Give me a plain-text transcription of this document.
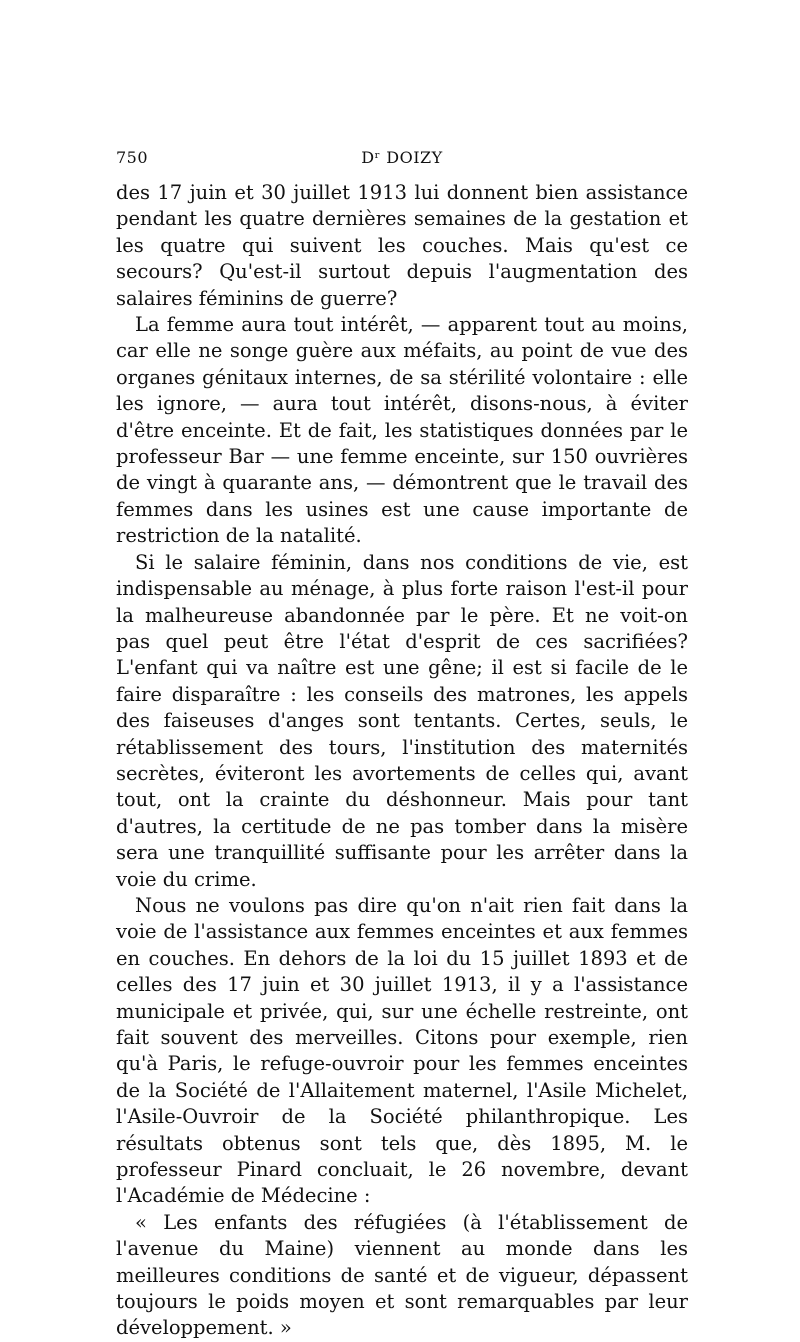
750	Dʳ DOIZY

des 17 juin et 30 juillet 1913 lui donnent bien assistance pendant les quatre dernières semaines de la gestation et les quatre qui suivent les couches. Mais qu'est ce secours? Qu'est-il surtout depuis l'augmentation des salaires féminins de guerre?

La femme aura tout intérêt, — apparent tout au moins, car elle ne songe guère aux méfaits, au point de vue des organes génitaux internes, de sa stérilité volontaire : elle les ignore, — aura tout intérêt, disons-nous, à éviter d'être enceinte. Et de fait, les statistiques données par le professeur Bar — une femme enceinte, sur 150 ouvrières de vingt à quarante ans, — démontrent que le travail des femmes dans les usines est une cause importante de restriction de la natalité.

Si le salaire féminin, dans nos conditions de vie, est indispensable au ménage, à plus forte raison l'est-il pour la malheureuse abandonnée par le père. Et ne voit-on pas quel peut être l'état d'esprit de ces sacrifiées? L'enfant qui va naître est une gêne; il est si facile de le faire disparaître : les conseils des matrones, les appels des faiseuses d'anges sont tentants. Certes, seuls, le rétablissement des tours, l'institution des maternités secrètes, éviteront les avortements de celles qui, avant tout, ont la crainte du déshonneur. Mais pour tant d'autres, la certitude de ne pas tomber dans la misère sera une tranquillité suffisante pour les arrêter dans la voie du crime.

Nous ne voulons pas dire qu'on n'ait rien fait dans la voie de l'assistance aux femmes enceintes et aux femmes en couches. En dehors de la loi du 15 juillet 1893 et de celles des 17 juin et 30 juillet 1913, il y a l'assistance municipale et privée, qui, sur une échelle restreinte, ont fait souvent des merveilles. Citons pour exemple, rien qu'à Paris, le refuge-ouvroir pour les femmes enceintes de la Société de l'Allaitement maternel, l'Asile Michelet, l'Asile-Ouvroir de la Société philanthropique. Les résultats obtenus sont tels que, dès 1895, M. le professeur Pinard concluait, le 26 novembre, devant l'Académie de Médecine :

« Les enfants des réfugiées (à l'établissement de l'avenue du Maine) viennent au monde dans les meilleures conditions de santé et de vigueur, dépassent toujours le poids moyen et sont remarquables par leur développement. »
